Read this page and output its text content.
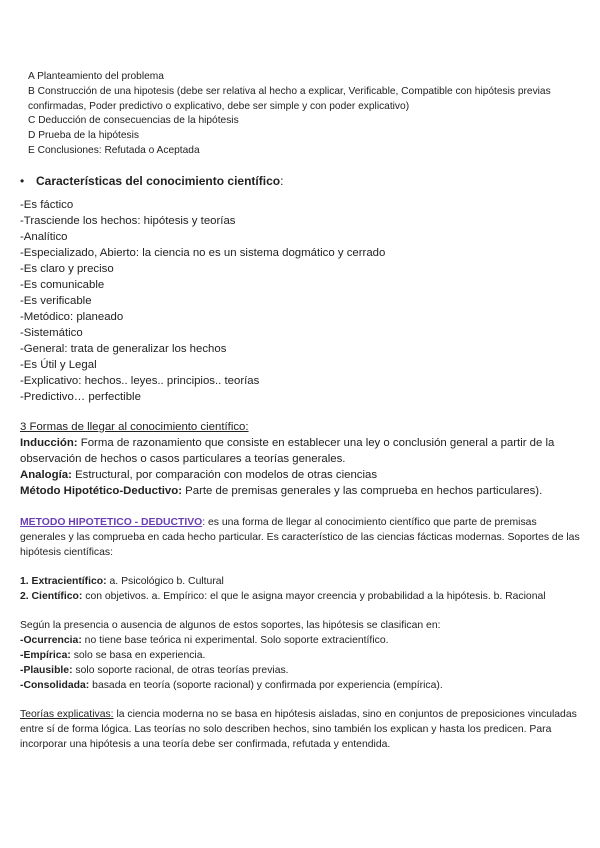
A Planteamiento del problema
B Construcción de una hipotesis (debe ser relativa al hecho a explicar, Verificable, Compatible con hipótesis previas confirmadas, Poder predictivo o explicativo, debe ser simple y con poder explicativo)
C Deducción de consecuencias de la hipótesis
D Prueba de la hipótesis
E Conclusiones: Refutada o Aceptada
• Características del conocimiento científico:
-Es fáctico
-Trasciende los hechos: hipótesis y teorías
-Analítico
-Especializado, Abierto: la ciencia no es un sistema dogmático y cerrado
-Es claro y preciso
-Es comunicable
-Es verificable
-Metódico: planeado
-Sistemático
-General: trata de generalizar los hechos
-Es Útil y Legal
-Explicativo: hechos.. leyes.. principios.. teorías
-Predictivo… perfectible
3 Formas de llegar al conocimiento científico:
Inducción: Forma de razonamiento que consiste en establecer una ley o conclusión general a partir de la observación de hechos o casos particulares a teorías generales.
Analogía: Estructural, por comparación con modelos de otras ciencias
Método Hipotético-Deductivo: Parte de premisas generales y las comprueba en hechos particulares).
METODO HIPOTETICO - DEDUCTIVO: es una forma de llegar al conocimiento científico que parte de premisas generales y las comprueba en cada hecho particular. Es característico de las ciencias fácticas modernas. Soportes de las hipótesis científicas:
1. Extracientífico: a. Psicológico b. Cultural
2. Científico: con objetivos. a. Empírico: el que le asigna mayor creencia y probabilidad a la hipótesis. b. Racional
Según la presencia o ausencia de algunos de estos soportes, las hipótesis se clasifican en:
-Ocurrencia: no tiene base teórica ni experimental. Solo soporte extracientífico.
-Empírica: solo se basa en experiencia.
-Plausible: solo soporte racional, de otras teorías previas.
-Consolidada: basada en teoría (soporte racional) y confirmada por experiencia (empírica).
Teorías explicativas: la ciencia moderna no se basa en hipótesis aisladas, sino en conjuntos de preposiciones vinculadas entre sí de forma lógica. Las teorías no solo describen hechos, sino también los explican y hasta los predicen. Para incorporar una hipótesis a una teoría debe ser confirmada, refutada y entendida.
